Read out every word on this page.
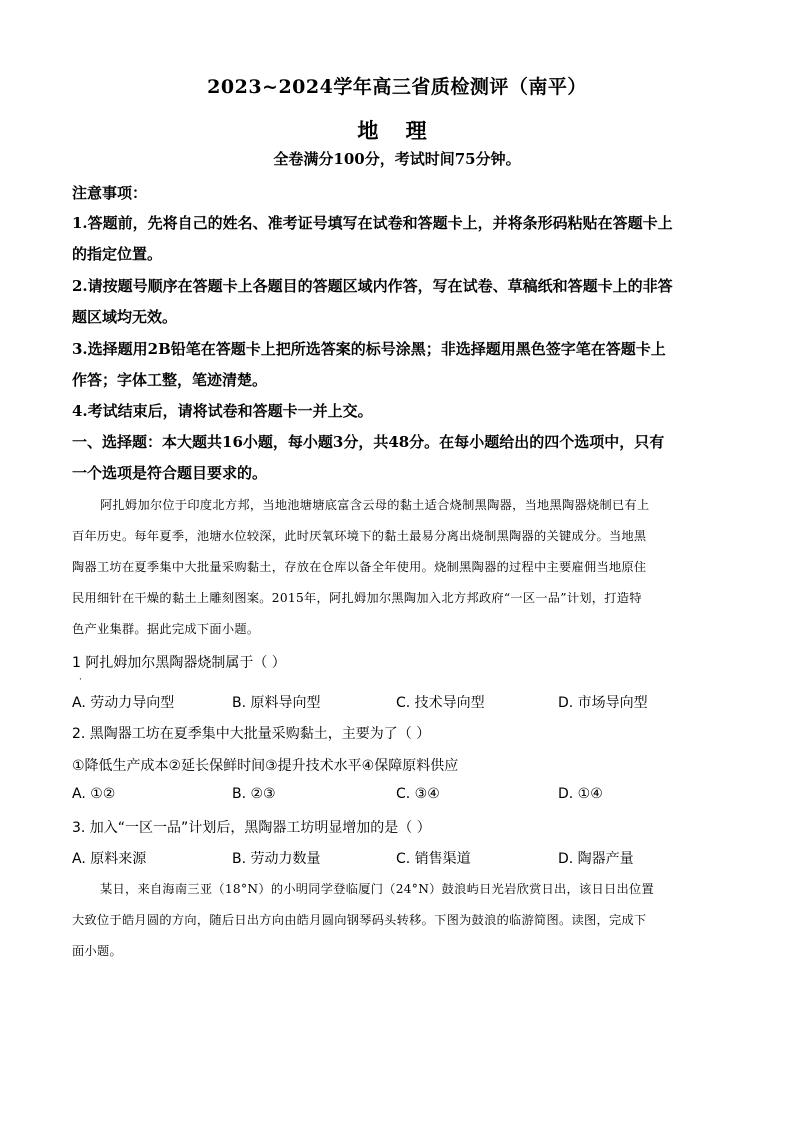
2023~2024学年高三省质检测评（南平）
地 理
全卷满分100分，考试时间75分钟。
注意事项：
1.答题前，先将自己的姓名、准考证号填写在试卷和答题卡上，并将条形码粘贴在答题卡上
的指定位置。
2.请按题号顺序在答题卡上各题目的答题区域内作答，写在试卷、草稿纸和答题卡上的非答
题区域均无效。
3.选择题用2B铅笔在答题卡上把所选答案的标号涂黑；非选择题用黑色签字笔在答题卡上
作答；字体工整，笔迹清楚。
4.考试结束后，请将试卷和答题卡一并上交。
一、选择题：本大题共16小题，每小题3分，共48分。在每小题给出的四个选项中，只有
一个选项是符合题目要求的。
阿扎姆加尔位于印度北方邦，当地池塘塘底富含云母的黏土适合烧制黑陶器，当地黑陶器烧制已有上
百年历史。每年夏季，池塘水位较深，此时厌氧环境下的黏土最易分离出烧制黑陶器的关键成分。当地黑
陶器工坊在夏季集中大批量采购黏土，存放在仓库以备全年使用。烧制黑陶器的过程中主要雇佣当地原住
民用细针在干燥的黏土上雕刻图案。2015年，阿扎姆加尔黑陶加入北方邦政府“一区一品”计划，打造特
色产业集群。据此完成下面小题。
1 阿扎姆加尔黑陶器烧制属于（ ）
·
A. 劳动力导向型	B. 原料导向型	C. 技术导向型	D. 市场导向型
2. 黑陶器工坊在夏季集中大批量采购黏土，主要为了（ ）
①降低生产成本②延长保鲜时间③提升技术水平④保障原料供应
A. ①②	B. ②③	C. ③④	D. ①④
3. 加入“一区一品”计划后，黑陶器工坊明显增加的是（ ）
A. 原料来源	B. 劳动力数量	C. 销售渠道	D. 陶器产量
某日，来自海南三亚（18°N）的小明同学登临厦门（24°N）鼓浪屿日光岩欣赏日出，该日日出位置
大致位于皓月圆的方向，随后日出方向由皓月圆向钢琴码头转移。下图为鼓浪的临游简图。读图，完成下
面小题。
